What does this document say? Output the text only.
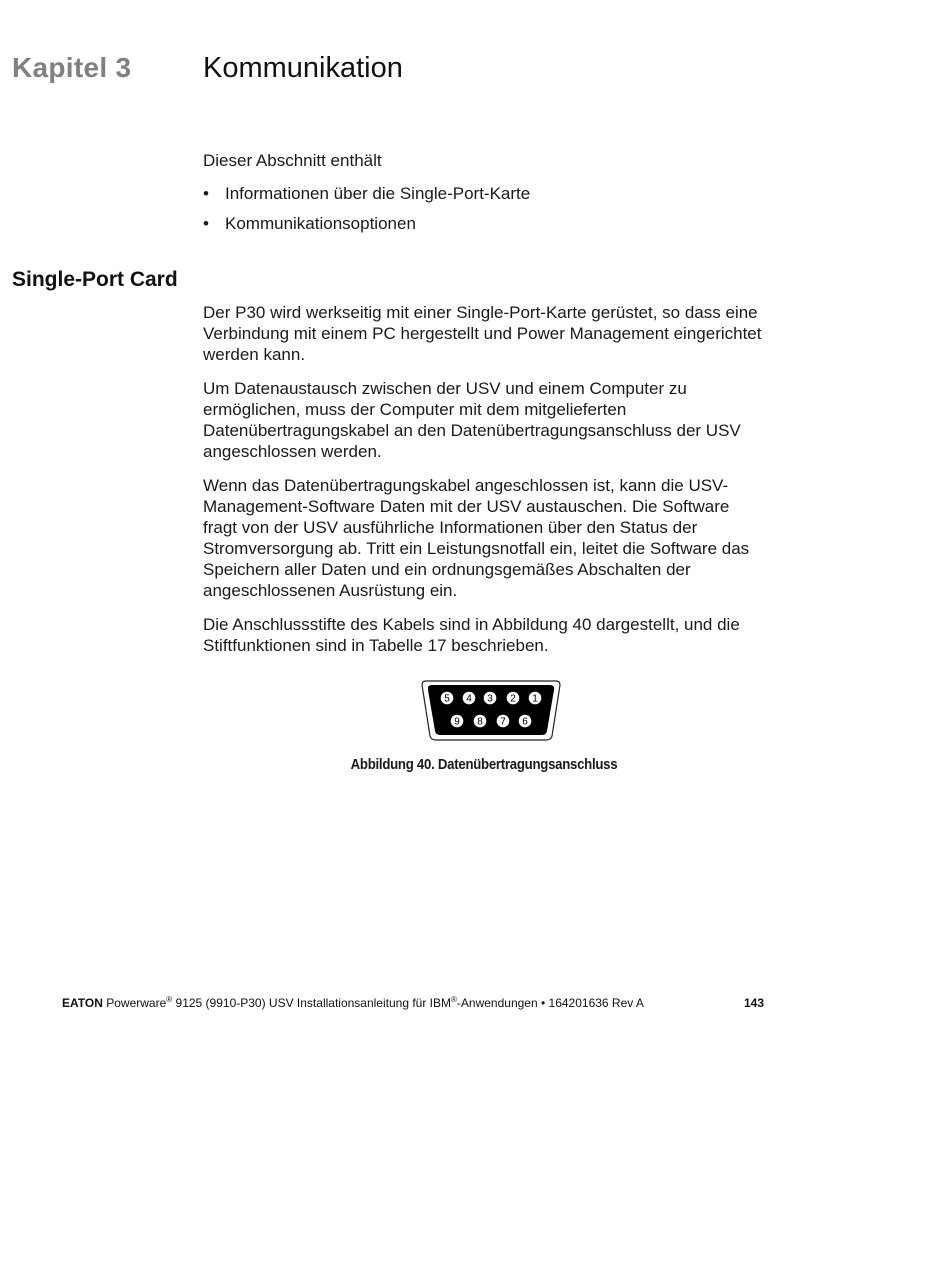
Kapitel 3 Kommunikation

Dieser Abschnitt enthält

• Informationen über die Single-Port-Karte
• Kommunikationsoptionen
Single-Port Card

Der P30 wird werkseitig mit einer Single-Port-Karte gerüstet, so dass eine Verbindung mit einem PC hergestellt und Power Management eingerichtet werden kann.

Um Datenaustausch zwischen der USV und einem Computer zu ermöglichen, muss der Computer mit dem mitgelieferten Datenübertragungskabel an den Datenübertragungsanschluss der USV angeschlossen werden.

Wenn das Datenübertragungskabel angeschlossen ist, kann die USV-Management-Software Daten mit der USV austauschen. Die Software fragt von der USV ausführliche Informationen über den Status der Stromversorgung ab. Tritt ein Leistungsnotfall ein, leitet die Software das Speichern aller Daten und ein ordnungsgemäßes Abschalten der angeschlossenen Ausrüstung ein.

Die Anschlussstifte des Kabels sind in Abbildung 40 dargestellt, und die Stiftfunktionen sind in Tabelle 17 beschrieben.

5 4 3 2 1
9 8 7 6
Abbildung 40. Datenübertragungsanschluss
EATON Powerware® 9125 (9910-P30) USV Installationsanleitung für IBM®-Anwendungen • 164201636 Rev A	143
